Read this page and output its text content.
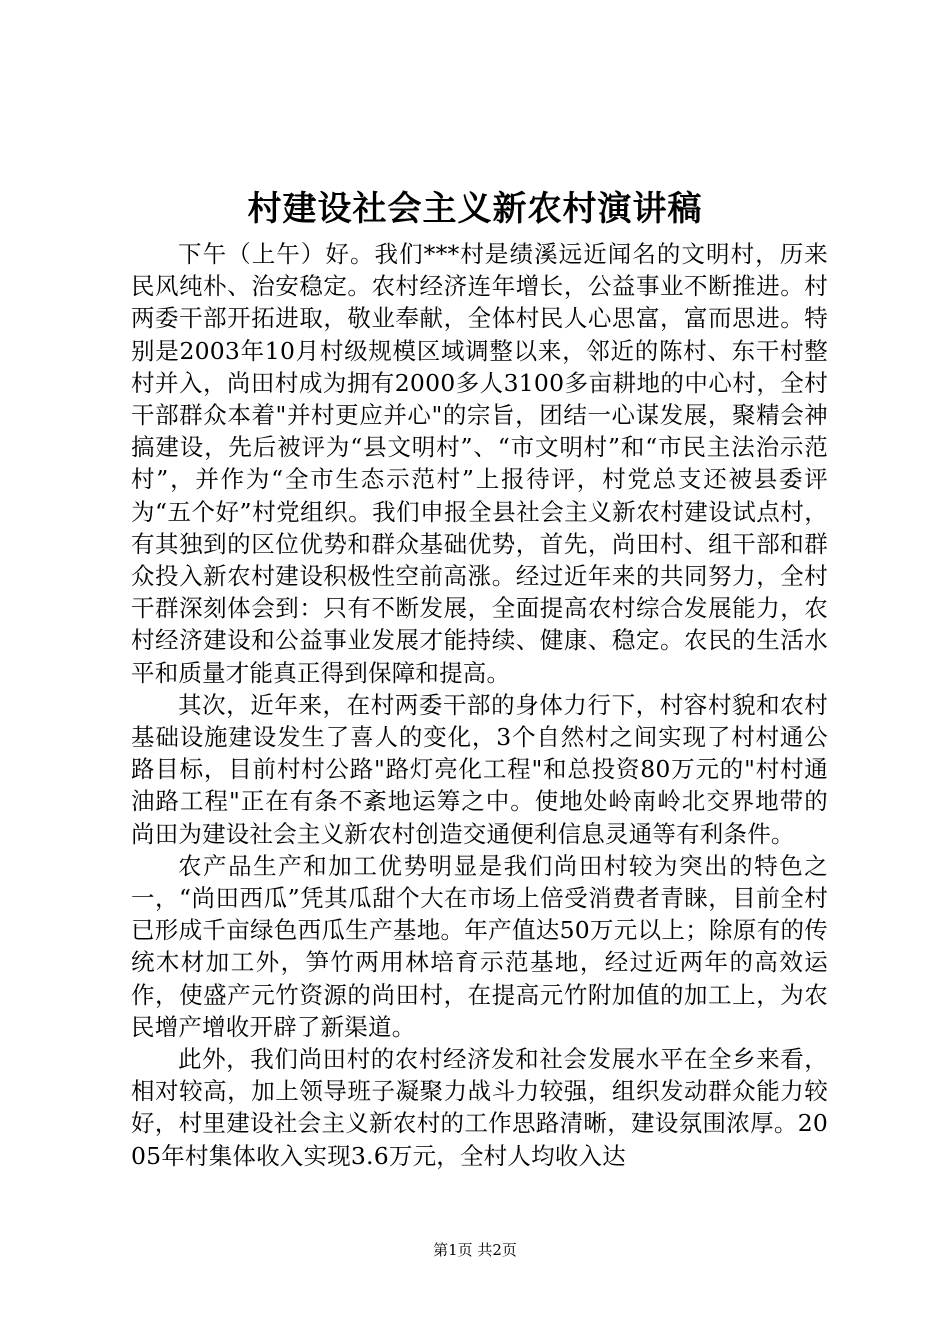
村建设社会主义新农村演讲稿

下午（上午）好。我们***村是绩溪远近闻名的文明村，历来民风纯朴、治安稳定。农村经济连年增长，公益事业不断推进。村两委干部开拓进取，敬业奉献，全体村民人心思富，富而思进。特别是2003年10月村级规模区域调整以来，邻近的陈村、东干村整村并入，尚田村成为拥有2000多人3100多亩耕地的中心村，全村干部群众本着"并村更应并心"的宗旨，团结一心谋发展，聚精会神搞建设，先后被评为“县文明村”、“市文明村”和“市民主法治示范村”，并作为“全市生态示范村”上报待评，村党总支还被县委评为“五个好”村党组织。我们申报全县社会主义新农村建设试点村，有其独到的区位优势和群众基础优势，首先，尚田村、组干部和群众投入新农村建设积极性空前高涨。经过近年来的共同努力，全村干群深刻体会到：只有不断发展，全面提高农村综合发展能力，农村经济建设和公益事业发展才能持续、健康、稳定。农民的生活水平和质量才能真正得到保障和提高。

其次，近年来，在村两委干部的身体力行下，村容村貌和农村基础设施建设发生了喜人的变化，3个自然村之间实现了村村通公路目标，目前村村公路"路灯亮化工程"和总投资80万元的"村村通油路工程"正在有条不紊地运筹之中。使地处岭南岭北交界地带的尚田为建设社会主义新农村创造交通便利信息灵通等有利条件。

农产品生产和加工优势明显是我们尚田村较为突出的特色之一，“尚田西瓜”凭其瓜甜个大在市场上倍受消费者青睐，目前全村已形成千亩绿色西瓜生产基地。年产值达50万元以上；除原有的传统木材加工外，笋竹两用林培育示范基地，经过近两年的高效运作，使盛产元竹资源的尚田村，在提高元竹附加值的加工上，为农民增产增收开辟了新渠道。

此外，我们尚田村的农村经济发和社会发展水平在全乡来看，相对较高，加上领导班子凝聚力战斗力较强，组织发动群众能力较好，村里建设社会主义新农村的工作思路清晰，建设氛围浓厚。2005年村集体收入实现3.6万元，全村人均收入达

第1页 共2页
